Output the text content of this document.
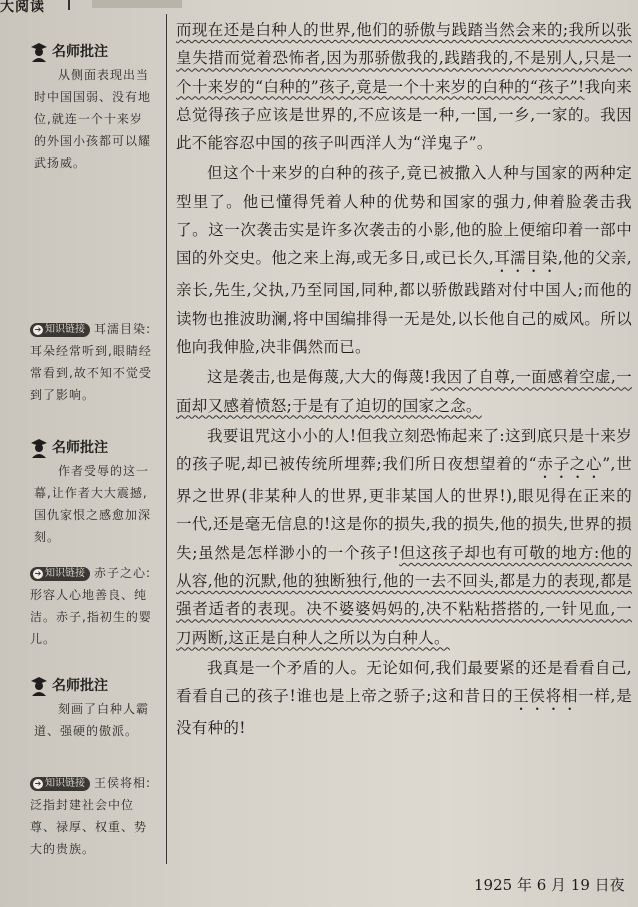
大阅读
名师批注
从侧面表现出当时中国国弱、没有地位,就连一个十来岁的外国小孩都可以耀武扬威。
➔ 知识链接 耳濡目染:耳朵经常听到,眼睛经常看到,故不知不觉受到了影响。
名师批注
作者受辱的这一幕,让作者大大震撼,国仇家恨之感愈加深刻。
➔ 知识链接 赤子之心:形容人心地善良、纯洁。赤子,指初生的婴儿。
名师批注
刻画了白种人霸道、强硬的傲派。
➔ 知识链接 王侯将相:泛指封建社会中位尊、禄厚、权重、势大的贵族。

而现在还是白种人的世界,他们的骄傲与践踏当然会来的;我所以张皇失措而觉着恐怖者,因为那骄傲我的,践踏我的,不是别人,只是一个十来岁的“白种的”孩子,竟是一个十来岁的白种的“孩子”!我向来总觉得孩子应该是世界的,不应该是一种,一国,一乡,一家的。我因此不能容忍中国的孩子叫西洋人为“洋鬼子”。

但这个十来岁的白种的孩子,竟已被撒入人种与国家的两种定型里了。他已懂得凭着人种的优势和国家的强力,伸着脸袭击我了。这一次袭击实是许多次袭击的小影,他的脸上便缩印着一部中国的外交史。他之来上海,或无多日,或已长久,耳濡目染,他的父亲,亲长,先生,父执,乃至同国,同种,都以骄傲践踏对付中国人;而他的读物也推波助澜,将中国编排得一无是处,以长他自己的威风。所以他向我伸脸,决非偶然而已。

这是袭击,也是侮蔑,大大的侮蔑!我因了自尊,一面感着空虚,一面却又感着愤怒;于是有了迫切的国家之念。

我要诅咒这小小的人!但我立刻恐怖起来了:这到底只是十来岁的孩子呢,却已被传统所埋葬;我们所日夜想望着的“赤子之心”,世界之世界(非某种人的世界,更非某国人的世界!),眼见得在正来的一代,还是毫无信息的!这是你的损失,我的损失,他的损失,世界的损失;虽然是怎样渺小的一个孩子!但这孩子却也有可敬的地方:他的从容,他的沉默,他的独断独行,他的一去不回头,都是力的表现,都是强者适者的表现。决不婆婆妈妈的,决不粘粘搭搭的,一针见血,一刀两断,这正是白种人之所以为白种人。

我真是一个矛盾的人。无论如何,我们最要紧的还是看看自己,看看自己的孩子!谁也是上帝之骄子;这和昔日的王侯将相一样,是没有种的!

1925 年 6 月 19 日夜
